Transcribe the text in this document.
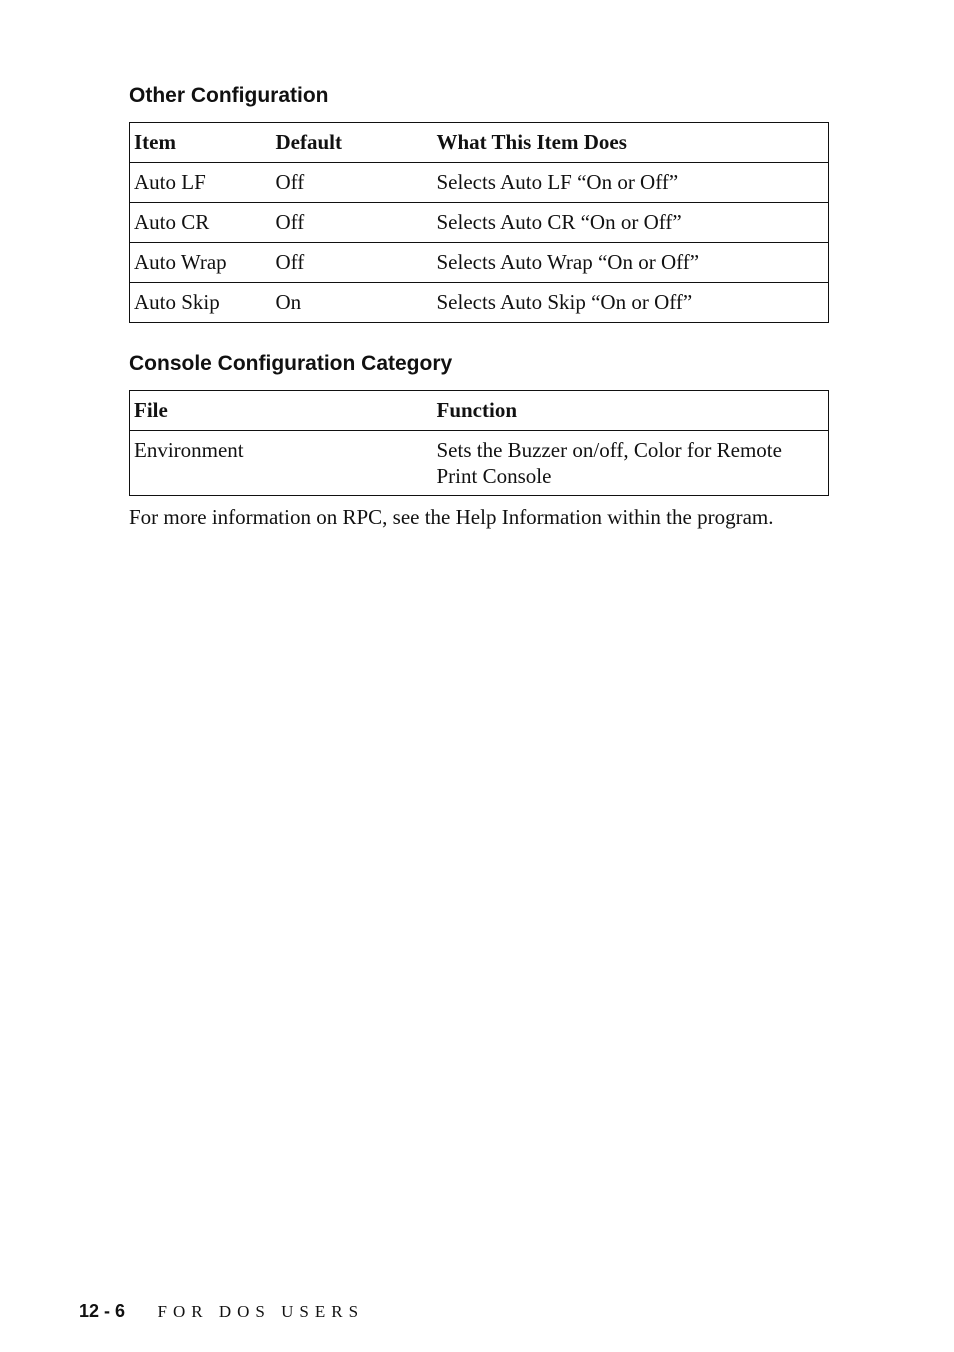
Other Configuration
Item	Default	What This Item Does
Auto LF	Off	Selects Auto LF “On or Off”
Auto CR	Off	Selects Auto CR “On or Off”
Auto Wrap	Off	Selects Auto Wrap “On or Off”
Auto Skip	On	Selects Auto Skip “On or Off”
Console Configuration Category
File	Function
Environment	Sets the Buzzer on/off, Color for Remote Print Console

For more information on RPC, see the Help Information within the program.

12 - 6 FOR DOS USERS
